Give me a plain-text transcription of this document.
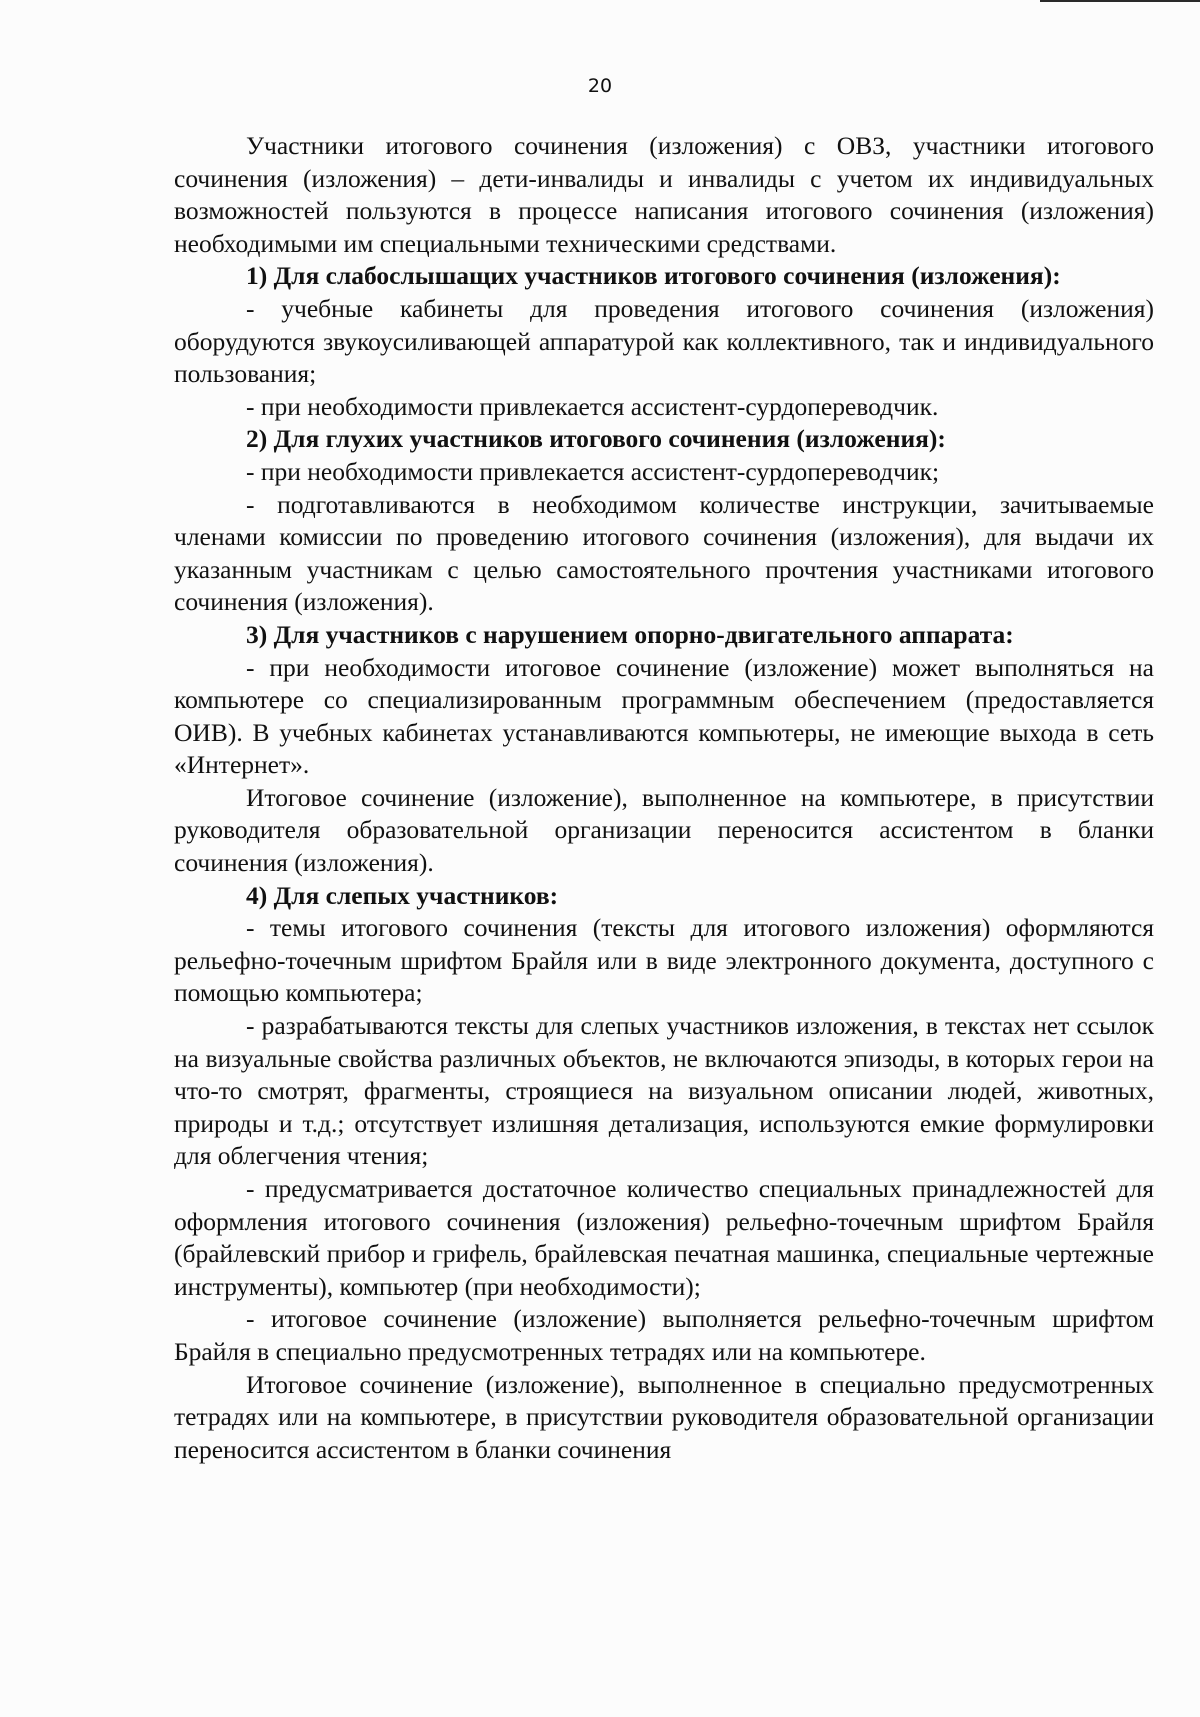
20

Участники итогового сочинения (изложения) с ОВЗ, участники итогового сочинения (изложения) – дети-инвалиды и инвалиды с учетом их индивидуальных возможностей пользуются в процессе написания итогового сочинения (изложения) необходимыми им специальными техническими средствами.

1) Для слабослышащих участников итогового сочинения (изложения):

- учебные кабинеты для проведения итогового сочинения (изложения) оборудуются звукоусиливающей аппаратурой как коллективного, так и индивидуального пользования;

- при необходимости привлекается ассистент-сурдопереводчик.

2) Для глухих участников итогового сочинения (изложения):

- при необходимости привлекается ассистент-сурдопереводчик;

- подготавливаются в необходимом количестве инструкции, зачитываемые членами комиссии по проведению итогового сочинения (изложения), для выдачи их указанным участникам с целью самостоятельного прочтения участниками итогового сочинения (изложения).

3) Для участников с нарушением опорно-двигательного аппарата:

- при необходимости итоговое сочинение (изложение) может выполняться на компьютере со специализированным программным обеспечением (предоставляется ОИВ). В учебных кабинетах устанавливаются компьютеры, не имеющие выхода в сеть «Интернет».

Итоговое сочинение (изложение), выполненное на компьютере, в присутствии руководителя образовательной организации переносится ассистентом в бланки сочинения (изложения).

4) Для слепых участников:

- темы итогового сочинения (тексты для итогового изложения) оформляются рельефно-точечным шрифтом Брайля или в виде электронного документа, доступного с помощью компьютера;

- разрабатываются тексты для слепых участников изложения, в текстах нет ссылок на визуальные свойства различных объектов, не включаются эпизоды, в которых герои на что-то смотрят, фрагменты, строящиеся на визуальном описании людей, животных, природы и т.д.; отсутствует излишняя детализация, используются емкие формулировки для облегчения чтения;

- предусматривается достаточное количество специальных принадлежностей для оформления итогового сочинения (изложения) рельефно-точечным шрифтом Брайля (брайлевский прибор и грифель, брайлевская печатная машинка, специальные чертежные инструменты), компьютер (при необходимости);

- итоговое сочинение (изложение) выполняется рельефно-точечным шрифтом Брайля в специально предусмотренных тетрадях или на компьютере.

Итоговое сочинение (изложение), выполненное в специально предусмотренных тетрадях или на компьютере, в присутствии руководителя образовательной организации переносится ассистентом в бланки сочинения
